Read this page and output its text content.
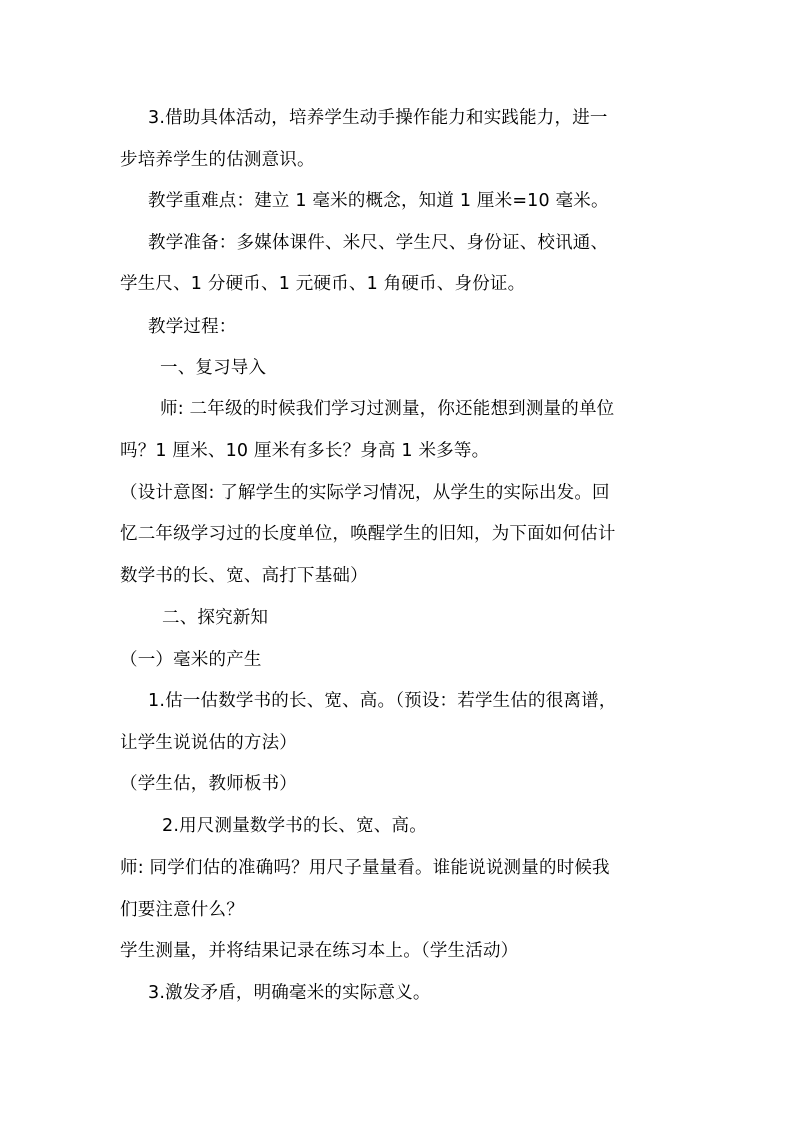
3.借助具体活动，培养学生动手操作能力和实践能力，进一
步培养学生的估测意识。
教学重难点：建立 1 毫米的概念，知道 1 厘米=10 毫米。
教学准备：多媒体课件、米尺、学生尺、身份证、校讯通、
学生尺、1 分硬币、1 元硬币、1 角硬币、身份证。
教学过程：
一、复习导入
师: 二年级的时候我们学习过测量，你还能想到测量的单位
吗？1 厘米、10 厘米有多长？身高 1 米多等。
（设计意图: 了解学生的实际学习情况，从学生的实际出发。回
忆二年级学习过的长度单位，唤醒学生的旧知，为下面如何估计
数学书的长、宽、高打下基础）
二、探究新知
（一）毫米的产生
1.估一估数学书的长、宽、高。（预设：若学生估的很离谱，
让学生说说估的方法）
（学生估，教师板书）
2.用尺测量数学书的长、宽、高。
师: 同学们估的准确吗？用尺子量量看。谁能说说测量的时候我
们要注意什么？
学生测量，并将结果记录在练习本上。（学生活动）
3.激发矛盾，明确毫米的实际意义。
